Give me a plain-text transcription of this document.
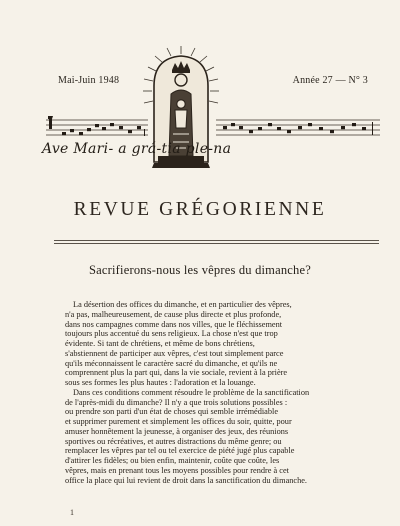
Mai-Juin 1948	Année 27 — N° 3
Ave Mari- a grá-tia ple-na
REVUE GRÉGORIENNE
Sacrifierons-nous les vêpres du dimanche?
La désertion des offices du dimanche, et en particulier des vêpres,
n'a pas, malheureusement, de cause plus directe et plus profonde,
dans nos campagnes comme dans nos villes, que le fléchissement
toujours plus accentué du sens religieux. La chose n'est que trop
évidente. Si tant de chrétiens, et même de bons chrétiens,
s'abstiennent de participer aux vêpres, c'est tout simplement parce
qu'ils méconnaissent le caractère sacré du dimanche, et qu'ils ne
comprennent plus la part qui, dans la vie sociale, revient à la prière
sous ses formes les plus hautes : l'adoration et la louange.
Dans ces conditions comment résoudre le problème de la sanctification
de l'après-midi du dimanche? Il n'y a que trois solutions possibles :
ou prendre son parti d'un état de choses qui semble irrémédiable
et supprimer purement et simplement les offices du soir, quitte, pour
amuser honnêtement la jeunesse, à organiser des jeux, des réunions
sportives ou récréatives, et autres distractions du même genre; ou
remplacer les vêpres par tel ou tel exercice de piété jugé plus capable
d'attirer les fidèles; ou bien enfin, maintenir, coûte que coûte, les
vêpres, mais en prenant tous les moyens possibles pour rendre à cet
office la place qui lui revient de droit dans la sanctification du dimanche.
1
